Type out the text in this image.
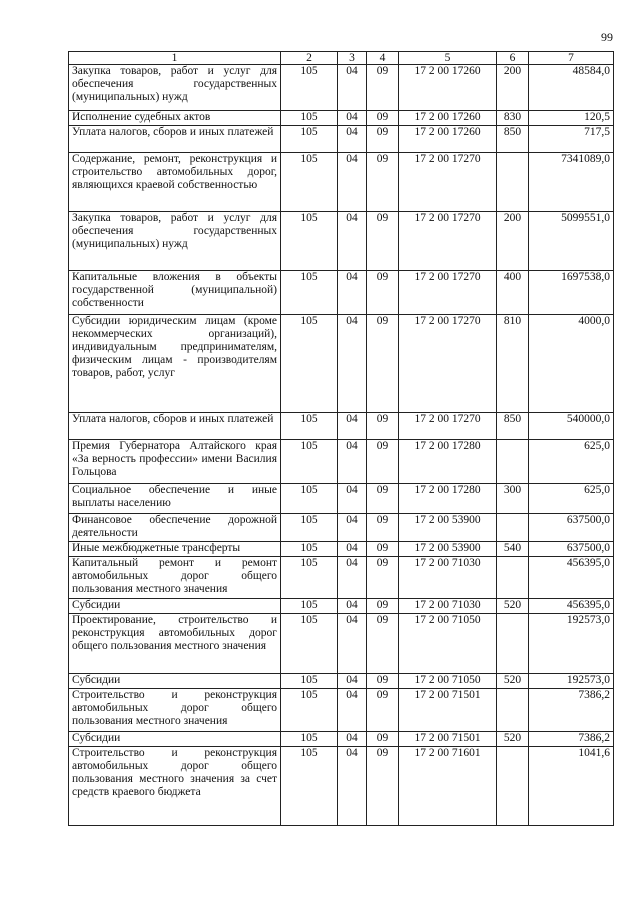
99
1	2	3	4	5	6	7
Закупка товаров, работ и услуг для обеспечения государственных (муниципальных) нужд	105	04	09	17 2 00 17260	200	48584,0
Исполнение судебных актов	105	04	09	17 2 00 17260	830	120,5
Уплата налогов, сборов и иных платежей	105	04	09	17 2 00 17260	850	717,5
Содержание, ремонт, реконструкция и строительство автомобильных дорог, являющихся краевой собственностью	105	04	09	17 2 00 17270		7341089,0
Закупка товаров, работ и услуг для обеспечения государственных (муниципальных) нужд	105	04	09	17 2 00 17270	200	5099551,0
Капитальные вложения в объекты государственной (муниципальной) собственности	105	04	09	17 2 00 17270	400	1697538,0
Субсидии юридическим лицам (кроме некоммерческих организаций), индивидуальным предпринимателям, физическим лицам - производителям товаров, работ, услуг	105	04	09	17 2 00 17270	810	4000,0
Уплата налогов, сборов и иных платежей	105	04	09	17 2 00 17270	850	540000,0
Премия Губернатора Алтайского края «За верность профессии» имени Василия Гольцова	105	04	09	17 2 00 17280		625,0
Социальное обеспечение и иные выплаты населению	105	04	09	17 2 00 17280	300	625,0
Финансовое обеспечение дорожной деятельности	105	04	09	17 2 00 53900		637500,0
Иные межбюджетные трансферты	105	04	09	17 2 00 53900	540	637500,0
Капитальный ремонт и ремонт автомобильных дорог общего пользования местного значения	105	04	09	17 2 00 71030		456395,0
Субсидии	105	04	09	17 2 00 71030	520	456395,0
Проектирование, строительство и реконструкция автомобильных дорог общего пользования местного значения	105	04	09	17 2 00 71050		192573,0
Субсидии	105	04	09	17 2 00 71050	520	192573,0
Строительство и реконструкция автомобильных дорог общего пользования местного значения	105	04	09	17 2 00 71501		7386,2
Субсидии	105	04	09	17 2 00 71501	520	7386,2
Строительство и реконструкция автомобильных дорог общего пользования местного значения за счет средств краевого бюджета	105	04	09	17 2 00 71601		1041,6
